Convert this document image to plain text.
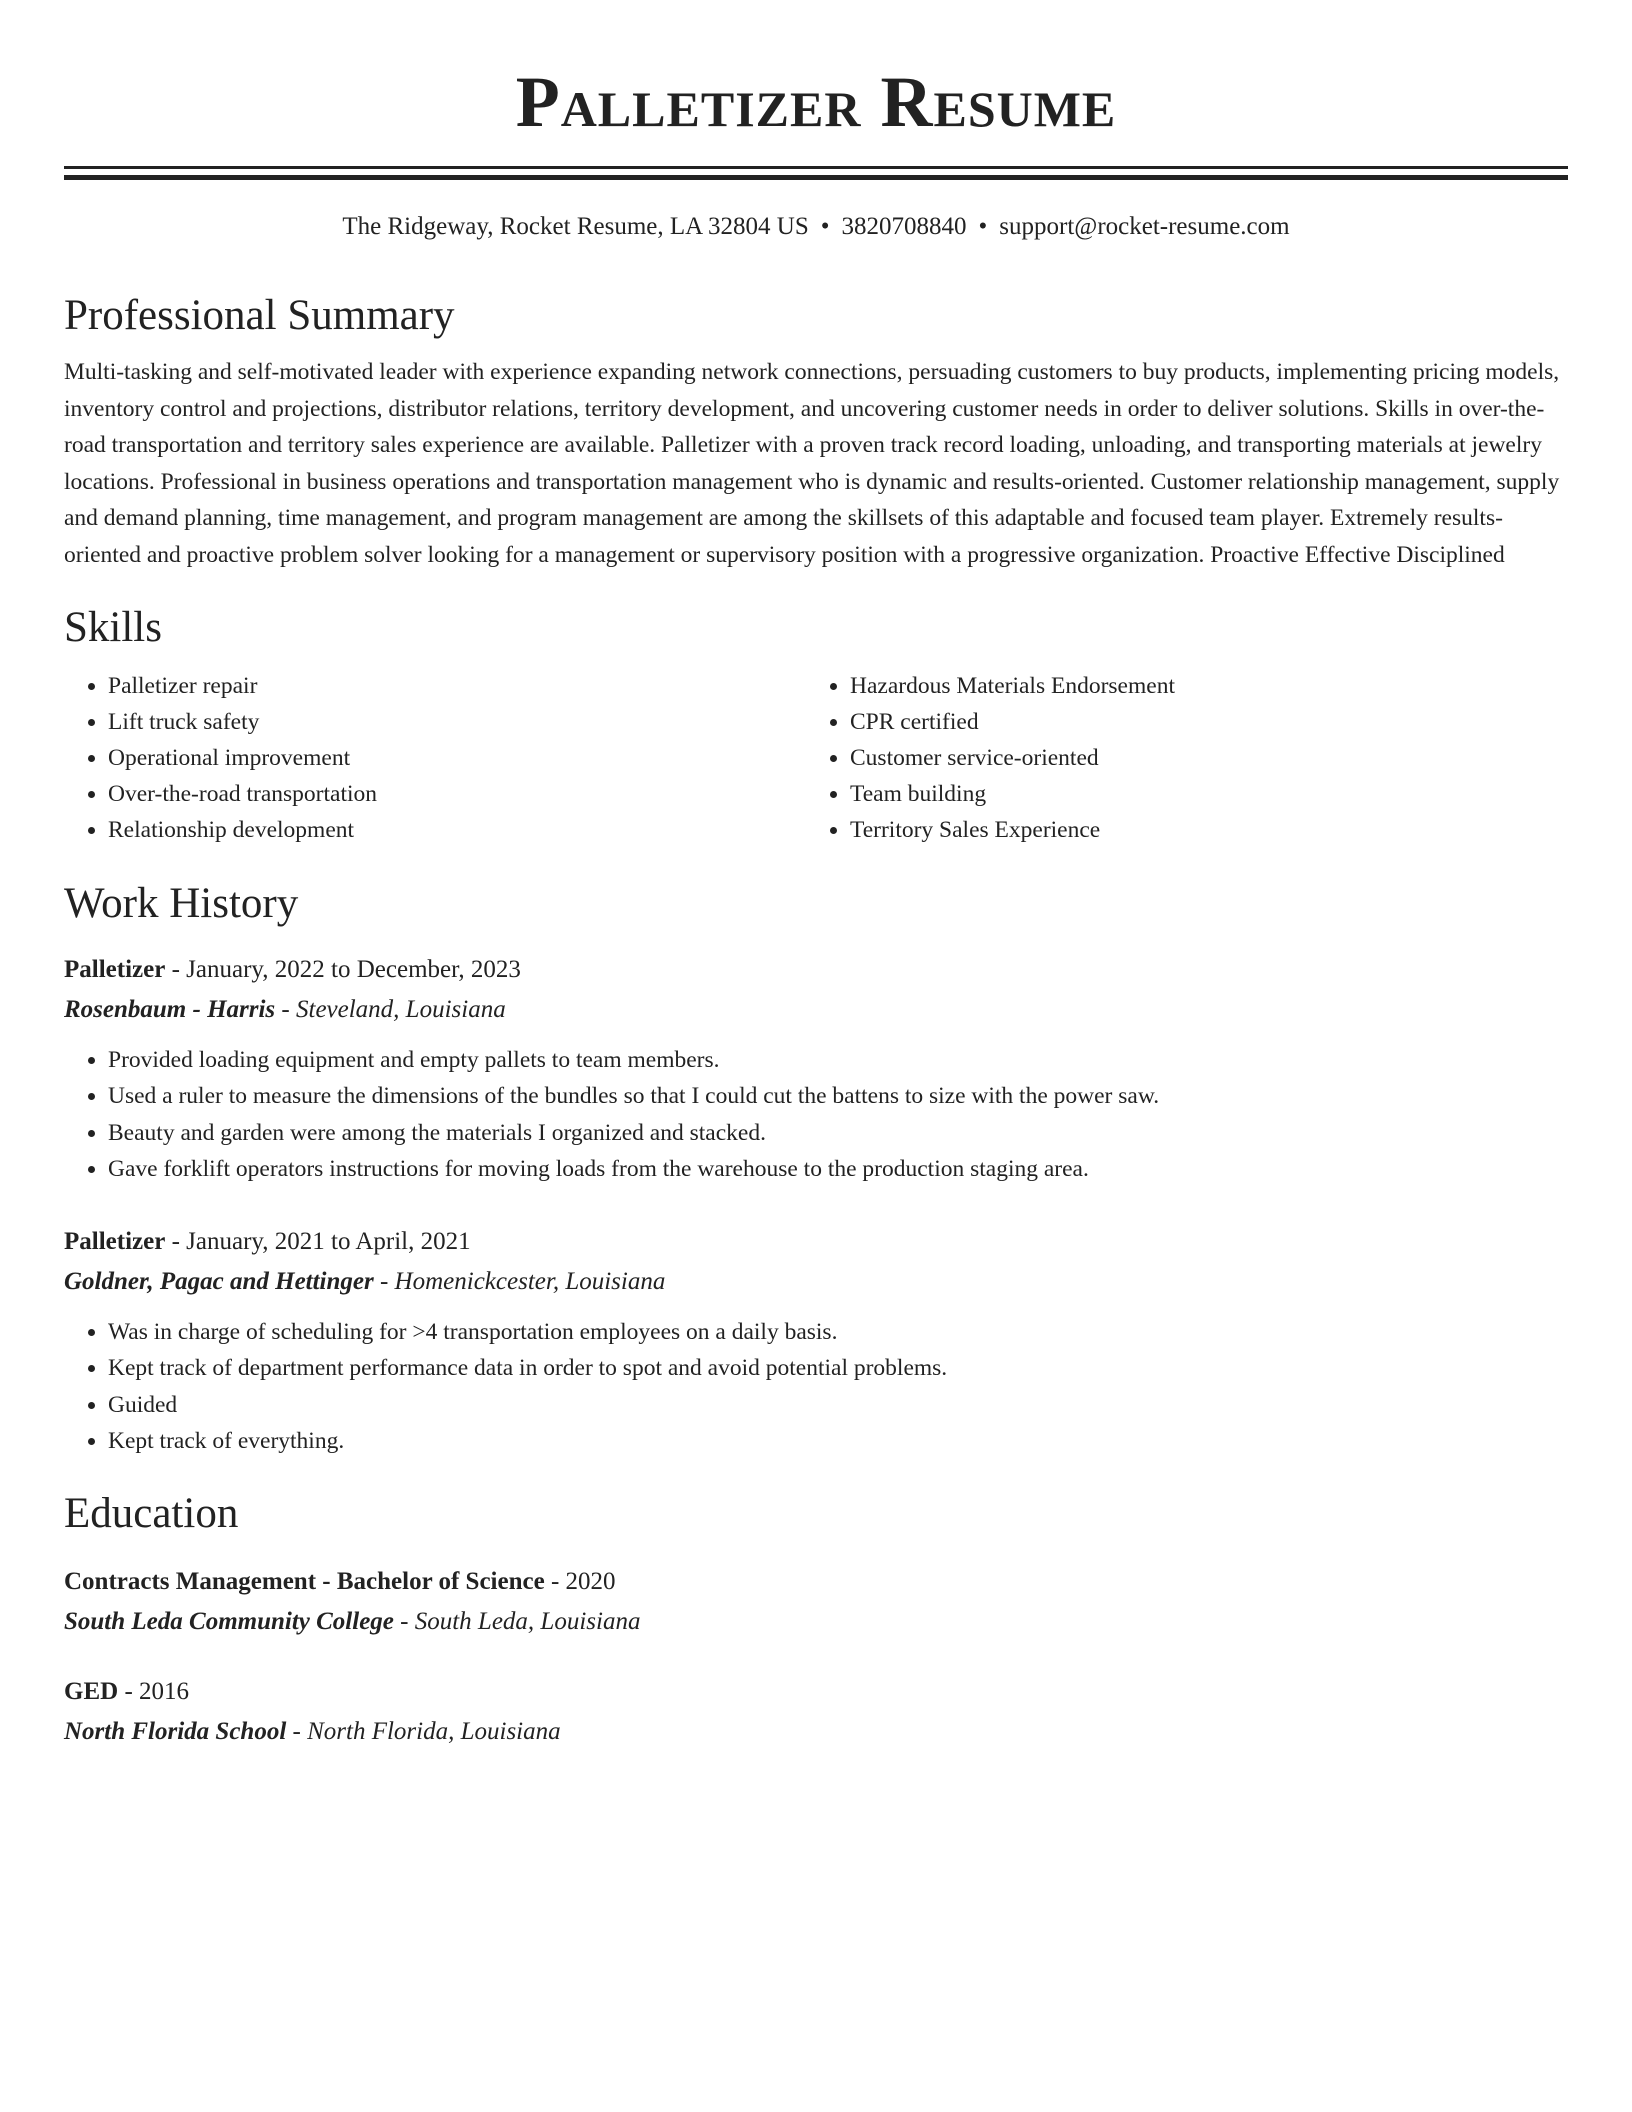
Palletizer Resume
The Ridgeway, Rocket Resume, LA 32804 US • 3820708840 • support@rocket-resume.com
Professional Summary

Multi-tasking and self-motivated leader with experience expanding network connections, persuading customers to buy products, implementing pricing models, inventory control and projections, distributor relations, territory development, and uncovering customer needs in order to deliver solutions. Skills in over-the-road transportation and territory sales experience are available. Palletizer with a proven track record loading, unloading, and transporting materials at jewelry locations. Professional in business operations and transportation management who is dynamic and results-oriented. Customer relationship management, supply and demand planning, time management, and program management are among the skillsets of this adaptable and focused team player. Extremely results-oriented and proactive problem solver looking for a management or supervisory position with a progressive organization. Proactive Effective Disciplined

Skills
• Palletizer repair
• Lift truck safety
• Operational improvement
• Over-the-road transportation
• Relationship development
• Hazardous Materials Endorsement
• CPR certified
• Customer service-oriented
• Team building
• Territory Sales Experience
Work History
Palletizer - January, 2022 to December, 2023
Rosenbaum - Harris - Steveland, Louisiana
• Provided loading equipment and empty pallets to team members.
• Used a ruler to measure the dimensions of the bundles so that I could cut the battens to size with the power saw.
• Beauty and garden were among the materials I organized and stacked.
• Gave forklift operators instructions for moving loads from the warehouse to the production staging area.
Palletizer - January, 2021 to April, 2021
Goldner, Pagac and Hettinger - Homenickcester, Louisiana
• Was in charge of scheduling for >4 transportation employees on a daily basis.
• Kept track of department performance data in order to spot and avoid potential problems.
• Guided
• Kept track of everything.
Education
Contracts Management - Bachelor of Science - 2020
South Leda Community College - South Leda, Louisiana
GED - 2016
North Florida School - North Florida, Louisiana
